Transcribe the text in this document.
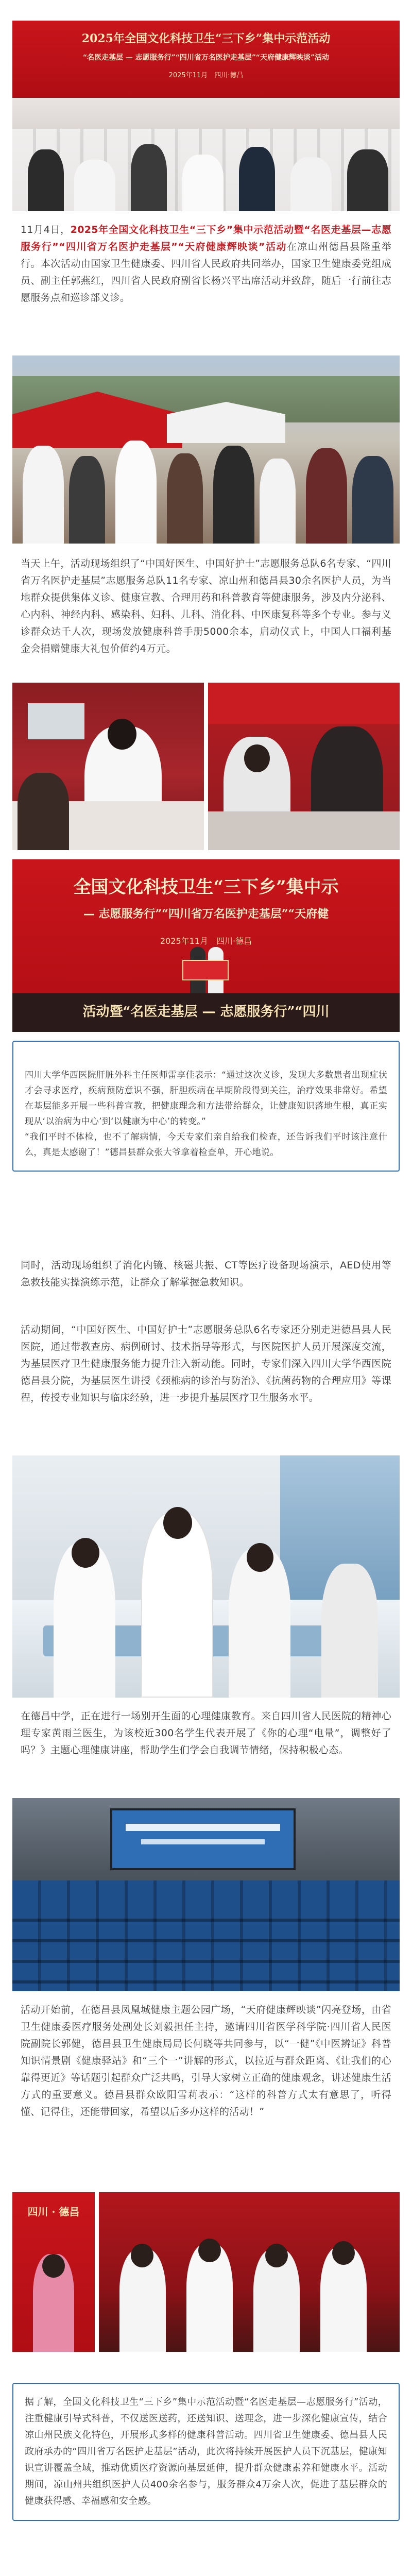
2025年全国文化科技卫生“三下乡”集中示范活动
“名医走基层 — 志愿服务行”“四川省万名医护走基层”“天府健康辉映谈”活动
2025年11月　四川·德昌
11月4日，2025年全国文化科技卫生“三下乡”集中示范活动暨“名医走基层—志愿服务行”“四川省万名医护走基层”“天府健康辉映谈”活动在凉山州德昌县隆重举行。本次活动由国家卫生健康委、四川省人民政府共同举办，国家卫生健康委党组成员、副主任郭燕红，四川省人民政府副省长杨兴平出席活动并致辞，随后一行前往志愿服务点和巡诊部义诊。
当天上午，活动现场组织了“中国好医生、中国好护士”志愿服务总队6名专家、“四川省万名医护走基层”志愿服务总队11名专家、凉山州和德昌县30余名医护人员，为当地群众提供集体义诊、健康宣教、合理用药和科普教育等健康服务，涉及内分泌科、心内科、神经内科、感染科、妇科、儿科、消化科、中医康复科等多个专业。参与义诊群众达千人次，现场发放健康科普手册5000余本，启动仪式上，中国人口福利基金会捐赠健康大礼包价值约4万元。
全国文化科技卫生“三下乡”集中示
— 志愿服务行”“四川省万名医护走基层”“天府健
2025年11月　四川·德昌
活动暨“名医走基层 — 志愿服务行”“四川

四川大学华西医院肝脏外科主任医师雷享佳表示：“通过这次义诊，发现大多数患者出现症状才会寻求医疗，疾病预防意识不强，肝胆疾病在早期阶段得到关注，治疗效果非常好。希望在基层能多开展一些科普宣教，把健康理念和方法带给群众，让健康知识落地生根，真正实现从‘以治病为中心’到‘以健康为中心’的转变。”
“我们平时不体检，也不了解病情，今天专家们亲自给我们检查，还告诉我们平时该注意什么，真是太感谢了！”德昌县群众张大爷拿着检查单，开心地说。

同时，活动现场组织了消化内镜、核磁共振、CT等医疗设备现场演示，AED使用等急救技能实操演练示范，让群众了解掌握急救知识。
活动期间，“中国好医生、中国好护士”志愿服务总队6名专家还分别走进德昌县人民医院，通过带教查房、病例研讨、技术指导等形式，与医院医护人员开展深度交流，为基层医疗卫生健康服务能力提升注入新动能。同时，专家们深入四川大学华西医院德昌县分院，为基层医生讲授《颈椎病的诊治与防治》、《抗菌药物的合理应用》等课程，传授专业知识与临床经验，进一步提升基层医疗卫生服务水平。
在德昌中学，正在进行一场别开生面的心理健康教育。来自四川省人民医院的精神心理专家黄雨兰医生，为该校近300名学生代表开展了《你的心理“电量”，调整好了吗？》主题心理健康讲座，帮助学生们学会自我调节情绪，保持积极心态。
活动开始前，在德昌县凤凰城健康主题公园广场，“天府健康辉映谈”闪亮登场，由省卫生健康委医疗服务处副处长刘毅担任主持，邀请四川省医学科学院·四川省人民医院副院长郭健，德昌县卫生健康局局长何晓等共同参与，以“一健”《中医辨证》科普知识情景剧《健康驿站》和“三个一”讲解的形式，以拉近与群众距离、《让我们的心靠得更近》等话题引起群众广泛共鸣，引导大家树立正确的健康观念，讲述健康生活方式的重要意义。德昌县群众欧阳雪莉表示：“这样的科普方式太有意思了，听得懂、记得住，还能带回家，希望以后多办这样的活动！”
四川 · 德昌
据了解，全国文化科技卫生“三下乡”集中示范活动暨“名医走基层—志愿服务行”活动，注重健康引导式科普，不仅送医送药，还送知识、送理念，进一步深化健康宣传，结合凉山州民族文化特色，开展形式多样的健康科普活动。四川省卫生健康委、德昌县人民政府承办的“四川省万名医护走基层”活动，此次将持续开展医护人员下沉基层，健康知识宣讲覆盖全域，推动优质医疗资源向基层延伸，提升群众健康素养和健康水平。活动期间，凉山州共组织医护人员400余名参与，服务群众4万余人次，促进了基层群众的健康获得感、幸福感和安全感。
